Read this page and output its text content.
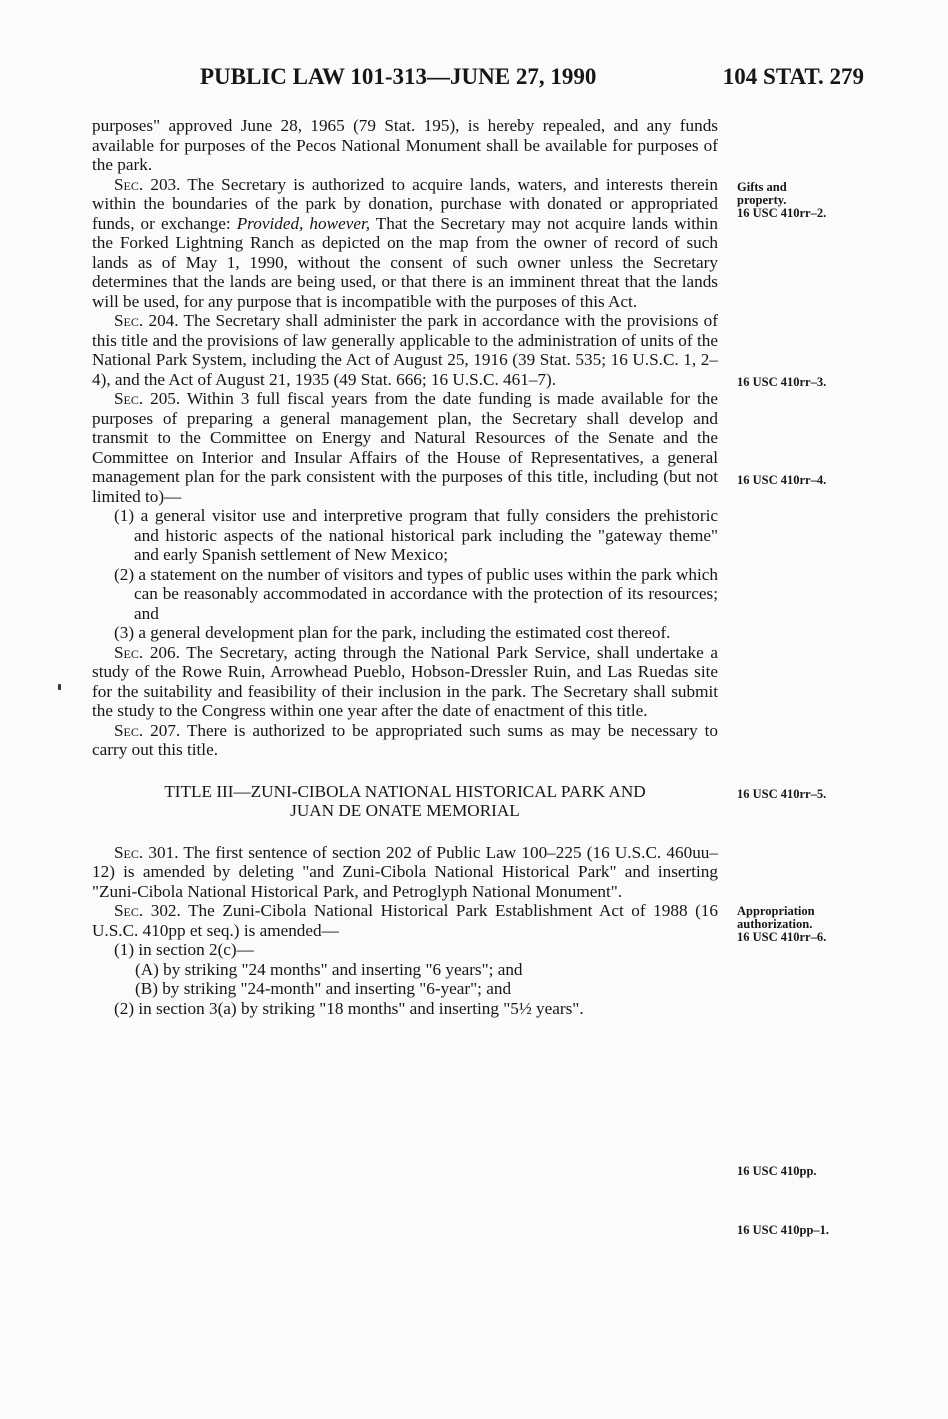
PUBLIC LAW 101-313—JUNE 27, 1990	104 STAT. 279

purposes" approved June 28, 1965 (79 Stat. 195), is hereby repealed, and any funds available for purposes of the Pecos National Monument shall be available for purposes of the park.

Sec. 203. The Secretary is authorized to acquire lands, waters, and interests therein within the boundaries of the park by donation, purchase with donated or appropriated funds, or exchange: Provided, however, That the Secretary may not acquire lands within the Forked Lightning Ranch as depicted on the map from the owner of record of such lands as of May 1, 1990, without the consent of such owner unless the Secretary determines that the lands are being used, or that there is an imminent threat that the lands will be used, for any purpose that is incompatible with the purposes of this Act.

Sec. 204. The Secretary shall administer the park in accordance with the provisions of this title and the provisions of law generally applicable to the administration of units of the National Park System, including the Act of August 25, 1916 (39 Stat. 535; 16 U.S.C. 1, 2–4), and the Act of August 21, 1935 (49 Stat. 666; 16 U.S.C. 461–7).

Sec. 205. Within 3 full fiscal years from the date funding is made available for the purposes of preparing a general management plan, the Secretary shall develop and transmit to the Committee on Energy and Natural Resources of the Senate and the Committee on Interior and Insular Affairs of the House of Representatives, a general management plan for the park consistent with the purposes of this title, including (but not limited to)—

(1) a general visitor use and interpretive program that fully considers the prehistoric and historic aspects of the national historical park including the "gateway theme" and early Spanish settlement of New Mexico;

(2) a statement on the number of visitors and types of public uses within the park which can be reasonably accommodated in accordance with the protection of its resources; and

(3) a general development plan for the park, including the estimated cost thereof.

Sec. 206. The Secretary, acting through the National Park Service, shall undertake a study of the Rowe Ruin, Arrowhead Pueblo, Hobson-Dressler Ruin, and Las Ruedas site for the suitability and feasibility of their inclusion in the park. The Secretary shall submit the study to the Congress within one year after the date of enactment of this title.

Sec. 207. There is authorized to be appropriated such sums as may be necessary to carry out this title.

TITLE III—ZUNI-CIBOLA NATIONAL HISTORICAL PARK AND
JUAN DE ONATE MEMORIAL

Sec. 301. The first sentence of section 202 of Public Law 100–225 (16 U.S.C. 460uu–12) is amended by deleting "and Zuni-Cibola National Historical Park" and inserting "Zuni-Cibola National Historical Park, and Petroglyph National Monument".

Sec. 302. The Zuni-Cibola National Historical Park Establishment Act of 1988 (16 U.S.C. 410pp et seq.) is amended—

(1) in section 2(c)—

(A) by striking "24 months" and inserting "6 years"; and

(B) by striking "24-month" and inserting "6-year"; and

(2) in section 3(a) by striking "18 months" and inserting "5½ years".

Gifts and
property.
16 USC 410rr–2.
16 USC 410rr–3.
16 USC 410rr–4.
16 USC 410rr–5.
Appropriation
authorization.
16 USC 410rr–6.
16 USC 410pp.
16 USC 410pp–1.
